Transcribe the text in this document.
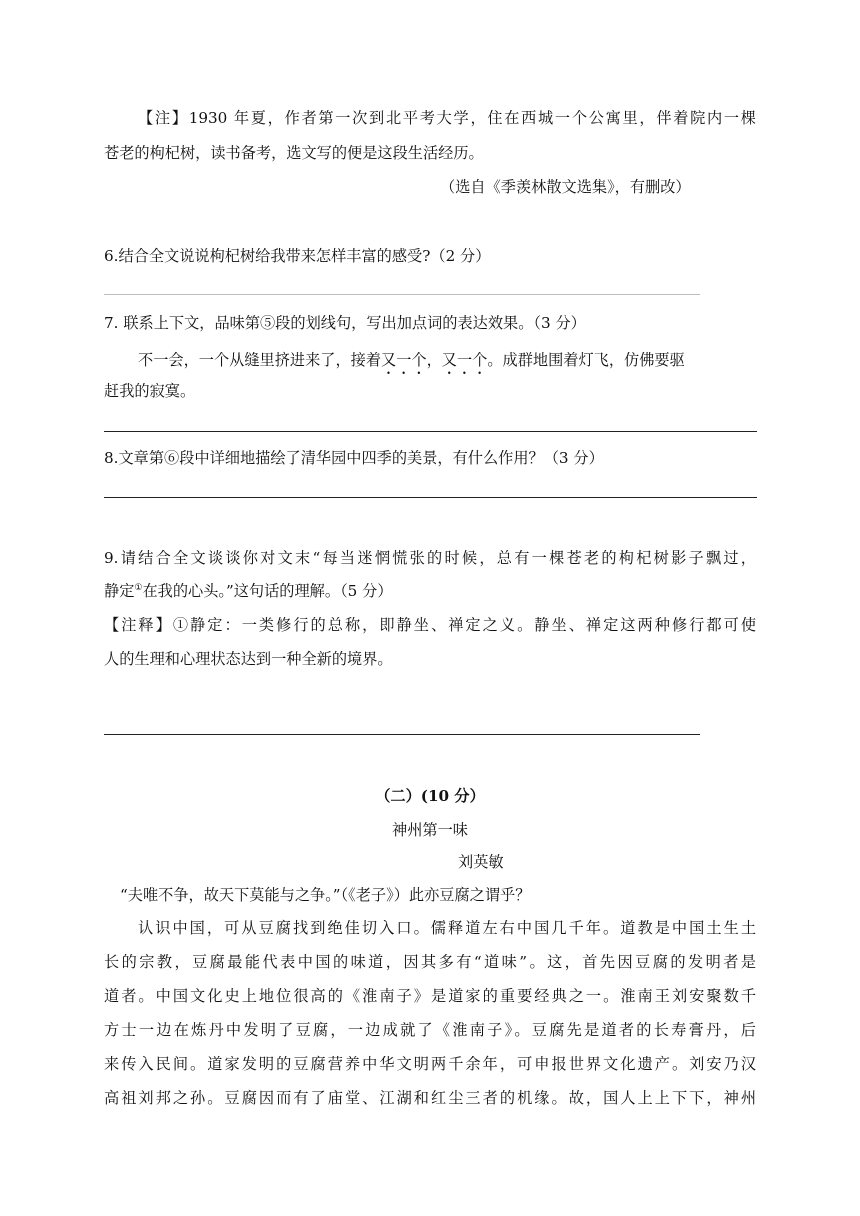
【注】1930 年夏，作者第一次到北平考大学，住在西城一个公寓里，伴着院内一棵
苍老的枸杞树，读书备考，选文写的便是这段生活经历。
（选自《季羡林散文选集》，有删改）
6.结合全文说说枸杞树给我带来怎样丰富的感受?（2 分）
7. 联系上下文，品味第⑤段的划线句，写出加点词的表达效果。（3 分）
不一会，一个从缝里挤进来了，接着又一个，又一个。成群地围着灯飞，仿佛要驱
赶我的寂寞。
8.文章第⑥段中详细地描绘了清华园中四季的美景，有什么作用？（3 分）
9.请结合全文谈谈你对文末“每当迷惘慌张的时候，总有一棵苍老的枸杞树影子飘过，
静定①在我的心头。”这句话的理解。（5 分）
【注释】①静定：一类修行的总称，即静坐、禅定之义。静坐、禅定这两种修行都可使
人的生理和心理状态达到一种全新的境界。
（二）(10 分）
神州第一味
刘英敏
“夫唯不争，故天下莫能与之争。”（《老子》）此亦豆腐之谓乎？
认识中国，可从豆腐找到绝佳切入口。儒释道左右中国几千年。道教是中国土生土
长的宗教，豆腐最能代表中国的味道，因其多有“道味”。这，首先因豆腐的发明者是
道者。中国文化史上地位很高的《淮南子》是道家的重要经典之一。淮南王刘安聚数千
方士一边在炼丹中发明了豆腐，一边成就了《淮南子》。豆腐先是道者的长寿膏丹，后
来传入民间。道家发明的豆腐营养中华文明两千余年，可申报世界文化遗产。刘安乃汉
高祖刘邦之孙。豆腐因而有了庙堂、江湖和红尘三者的机缘。故，国人上上下下，神州
